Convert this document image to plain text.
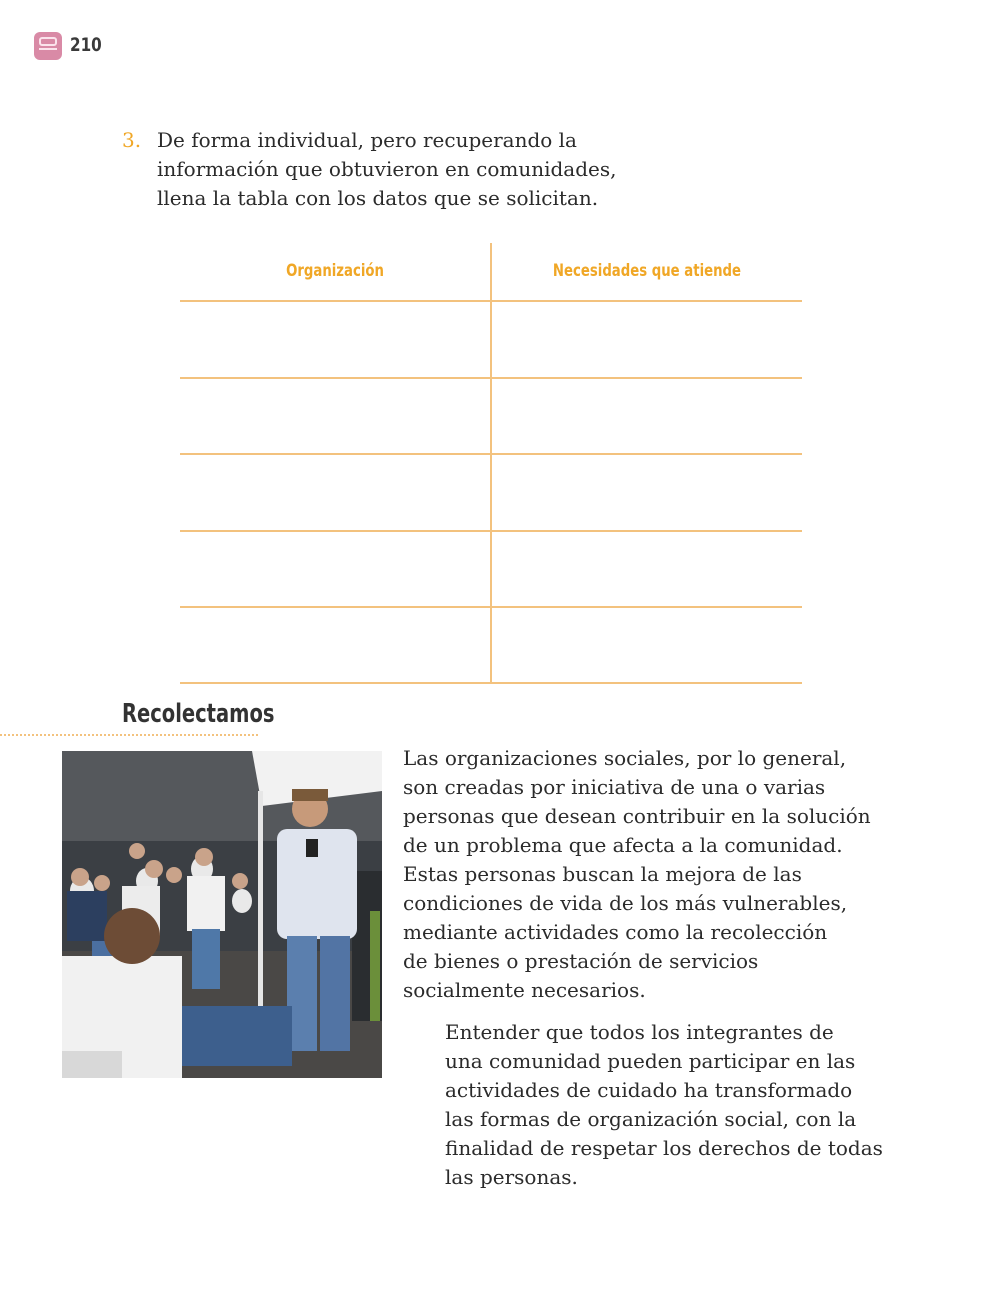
210
3. De forma individual, pero recuperando la
información que obtuvieron en comunidades,
llena la tabla con los datos que se solicitan.
Organización	Necesidades que atiende
Recolectamos
Las organizaciones sociales, por lo general,
son creadas por iniciativa de una o varias
personas que desean contribuir en la solución
de un problema que afecta a la comunidad.
Estas personas buscan la mejora de las
condiciones de vida de los más vulnerables,
mediante actividades como la recolección
de bienes o prestación de servicios
socialmente necesarios.
Entender que todos los integrantes de
una comunidad pueden participar en las
actividades de cuidado ha transformado
las formas de organización social, con la
finalidad de respetar los derechos de todas
las personas.
